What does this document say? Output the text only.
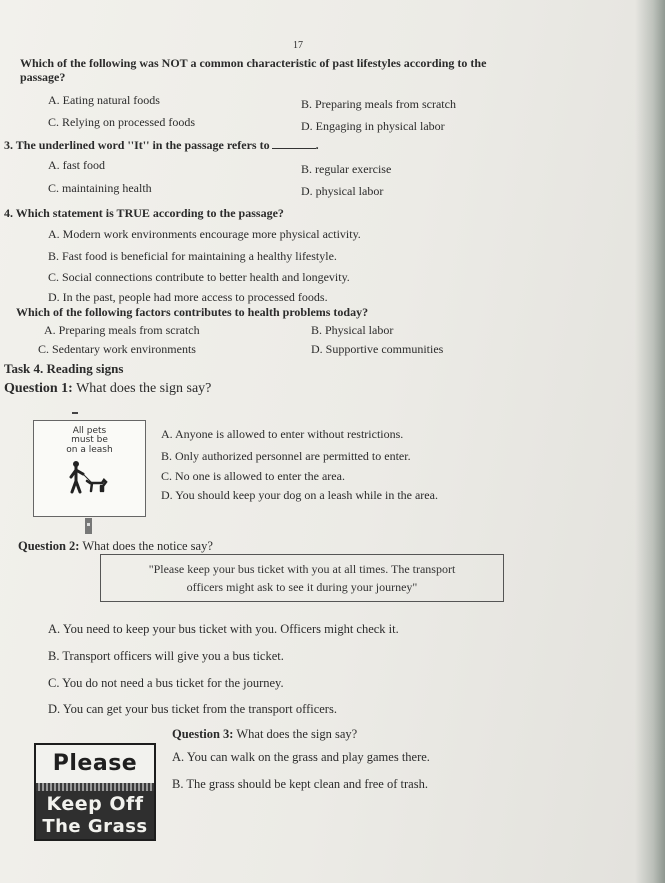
17
Which of the following was NOT a common characteristic of past lifestyles according to the
passage?
A. Eating natural foods	B. Preparing meals from scratch
C. Relying on processed foods	D. Engaging in physical labor
3. The underlined word ''It'' in the passage refers to	.
A. fast food	B. regular exercise
C. maintaining health	D. physical labor
4. Which statement is TRUE according to the passage?
A. Modern work environments encourage more physical activity.
B. Fast food is beneficial for maintaining a healthy lifestyle.
C. Social connections contribute to better health and longevity.
D. In the past, people had more access to processed foods.
Which of the following factors contributes to health problems today?
A. Preparing meals from scratch	B. Physical labor
C. Sedentary work environments	D. Supportive communities
Task 4. Reading signs
Question 1: What does the sign say?
All pets
must be
on a leash
A. Anyone is allowed to enter without restrictions.
B. Only authorized personnel are permitted to enter.
C. No one is allowed to enter the area.
D. You should keep your dog on a leash while in the area.
Question 2: What does the notice say?
"Please keep your bus ticket with you at all times. The transport
officers might ask to see it during your journey"
A. You need to keep your bus ticket with you. Officers might check it.
B. Transport officers will give you a bus ticket.
C. You do not need a bus ticket for the journey.
D. You can get your bus ticket from the transport officers.
Question 3: What does the sign say?
Please
Keep Off
The Grass
A. You can walk on the grass and play games there.
B. The grass should be kept clean and free of trash.
